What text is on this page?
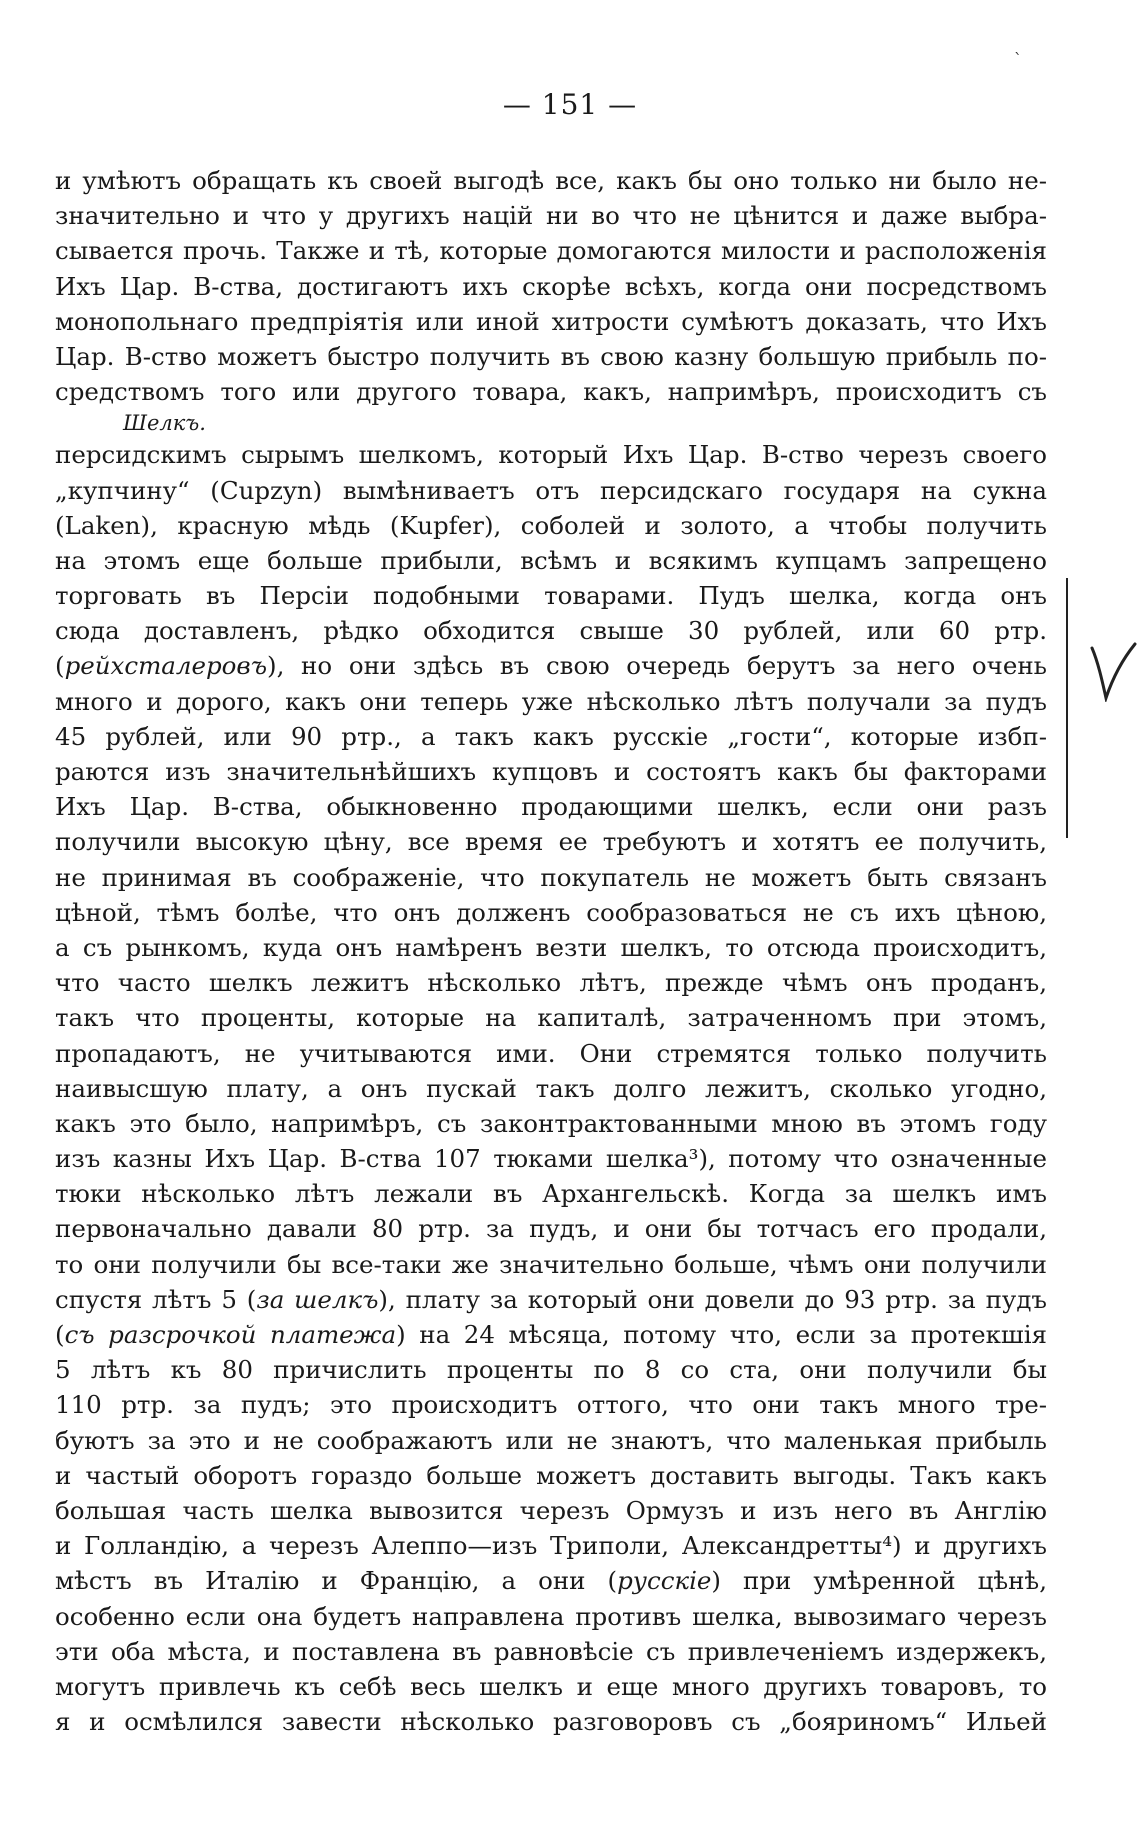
— 151 —
`
и умѣютъ обращать къ своей выгодѣ все, какъ бы оно только ни было не-
значительно и что у другихъ націй ни во что не цѣнится и даже выбра-
сывается прочь. Также и тѣ, которые домогаются милости и расположенія
Ихъ Цар. В-ства, достигаютъ ихъ скорѣе всѣхъ, когда они посредствомъ
монопольнаго предпріятія или иной хитрости сумѣютъ доказать, что Ихъ
Цар. В-ство можетъ быстро получить въ свою казну большую прибыль по-
средствомъ того или другого товара, какъ, напримѣръ, происходитъ съ
Шелкъ.
персидскимъ сырымъ шелкомъ, который Ихъ Цар. В-ство черезъ своего
„купчину“ (Cupzyn) вымѣниваетъ отъ персидскаго государя на сукна
(Laken), красную мѣдь (Kupfer), соболей и золото, а чтобы получить
на этомъ еще больше прибыли, всѣмъ и всякимъ купцамъ запрещено
торговать въ Персіи подобными товарами. Пудъ шелка, когда онъ
сюда доставленъ, рѣдко обходится свыше 30 рублей, или 60 ртр.
(рейхсталеровъ), но они здѣсь въ свою очередь берутъ за него очень
много и дорого, какъ они теперь уже нѣсколько лѣтъ получали за пудъ
45 рублей, или 90 ртр., а такъ какъ русскіе „гости“, которые избп-
раются изъ значительнѣйшихъ купцовъ и состоятъ какъ бы факторами
Ихъ Цар. В-ства, обыкновенно продающими шелкъ, если они разъ
получили высокую цѣну, все время ее требуютъ и хотятъ ее получить,
не принимая въ соображеніе, что покупатель не можетъ быть связанъ
цѣной, тѣмъ болѣе, что онъ долженъ сообразоваться не съ ихъ цѣною,
а съ рынкомъ, куда онъ намѣренъ везти шелкъ, то отсюда происходитъ,
что часто шелкъ лежитъ нѣсколько лѣтъ, прежде чѣмъ онъ проданъ,
такъ что проценты, которые на капиталѣ, затраченномъ при этомъ,
пропадаютъ, не учитываются ими. Они стремятся только получить
наивысшую плату, а онъ пускай такъ долго лежитъ, сколько угодно,
какъ это было, напримѣръ, съ законтрактованными мною въ этомъ году
изъ казны Ихъ Цар. В-ства 107 тюками шелка³), потому что означенные
тюки нѣсколько лѣтъ лежали въ Архангельскѣ. Когда за шелкъ имъ
первоначально давали 80 ртр. за пудъ, и они бы тотчасъ его продали,
то они получили бы все-таки же значительно больше, чѣмъ они получили
спустя лѣтъ 5 (за шелкъ), плату за который они довели до 93 ртр. за пудъ
(съ разсрочкой платежа) на 24 мѣсяца, потому что, если за протекшія
5 лѣтъ къ 80 причислить проценты по 8 со ста, они получили бы
110 ртр. за пудъ; это происходитъ оттого, что они такъ много тре-
буютъ за это и не соображаютъ или не знаютъ, что маленькая прибыль
и частый оборотъ гораздо больше можетъ доставить выгоды. Такъ какъ
большая часть шелка вывозится черезъ Ормузъ и изъ него въ Англію
и Голландію, а черезъ Алеппо—изъ Триполи, Александретты⁴) и другихъ
мѣстъ въ Италію и Францію, а они (русскіе) при умѣренной цѣнѣ,
особенно если она будетъ направлена противъ шелка, вывозимаго черезъ
эти оба мѣста, и поставлена въ равновѣсіе съ привлеченіемъ издержекъ,
могутъ привлечь къ себѣ весь шелкъ и еще много другихъ товаровъ, то
я и осмѣлился завести нѣсколько разговоровъ съ „бояриномъ“ Ильей
